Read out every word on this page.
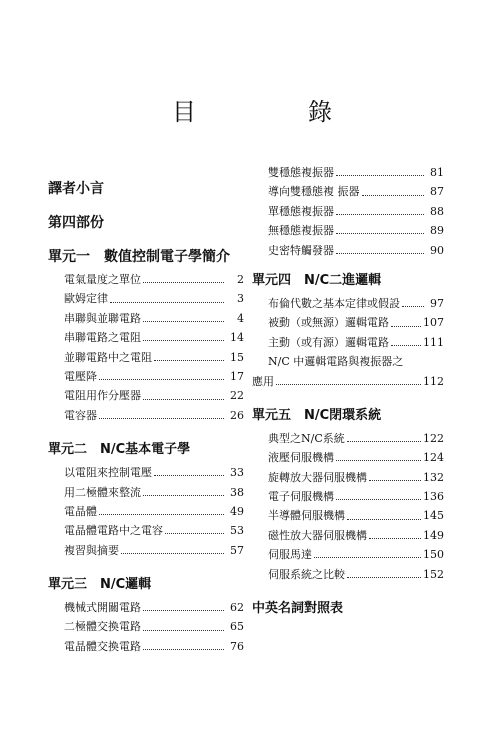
目　錄
譯者小言
第四部份
單元一　數值控制電子學簡介
電氣量度之單位	2
歐姆定律	3
串聯與並聯電路	4
串聯電路之電阻	14
並聯電路中之電阻	15
電壓降	17
電阻用作分壓器	22
電容器	26
單元二　N/C基本電子學
以電阻來控制電壓	33
用二極體來整流	38
電晶體	49
電晶體電路中之電容	53
複習與摘要	57
單元三　N/C邏輯
機械式開關電路	62
二極體交換電路	65
電晶體交換電路	76
雙穩態複振器	81
導向雙穩態複 振器	87
單穩態複振器	88
無穩態複振器	89
史密特觸發器	90
單元四　N/C二進邏輯
布倫代數之基本定律或假設	97
被動（或無源）邏輯電路	107
主動（或有源）邏輯電路	111
N/C 中邏輯電路與複振器之
應用	112
單元五　N/C閉環系統
典型之N/C系統	122
液壓伺服機構	124
旋轉放大器伺服機構	132
電子伺服機構	136
半導體伺服機構	145
磁性放大器伺服機構	149
伺服馬達	150
伺服系統之比較	152
中英名詞對照表
